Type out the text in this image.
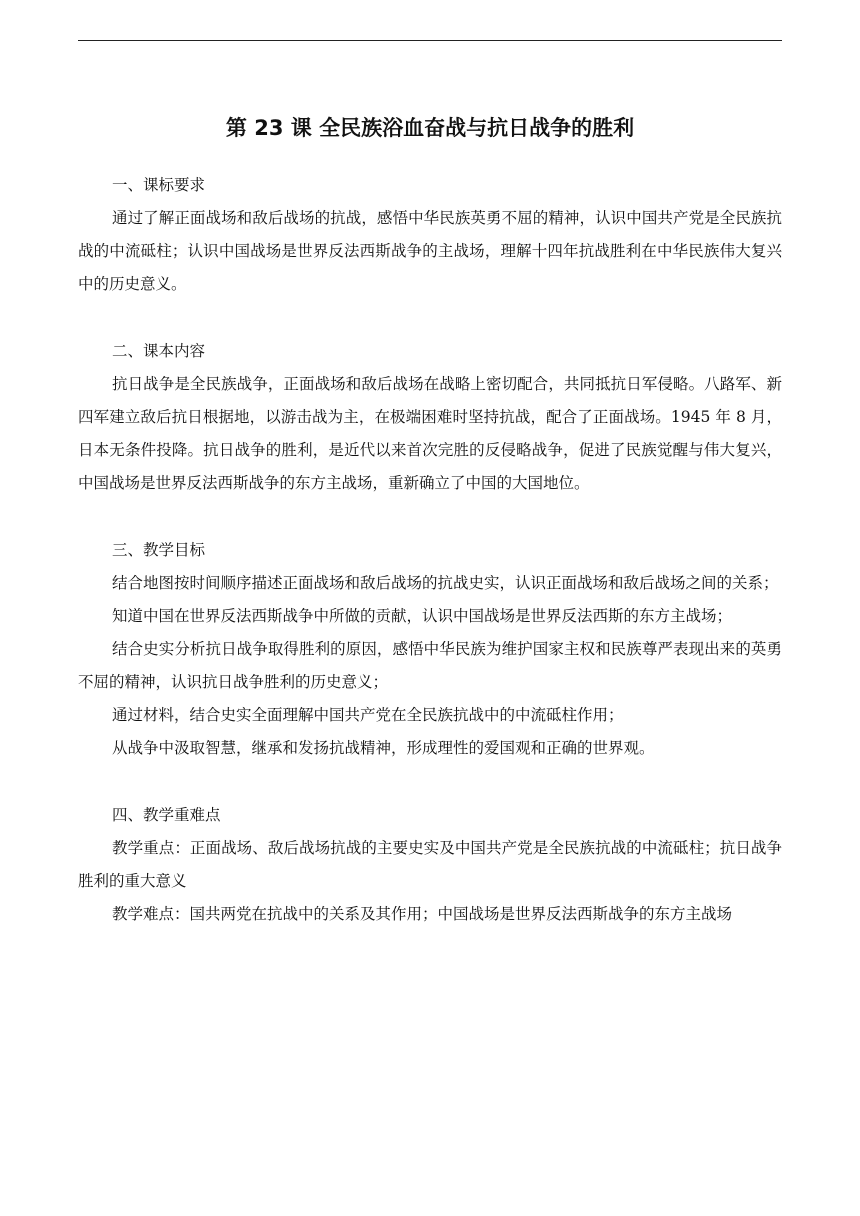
第 23 课 全民族浴血奋战与抗日战争的胜利
一、课标要求

通过了解正面战场和敌后战场的抗战，感悟中华民族英勇不屈的精神，认识中国共产党是全民族抗战的中流砥柱；认识中国战场是世界反法西斯战争的主战场，理解十四年抗战胜利在中华民族伟大复兴中的历史意义。

二、课本内容

抗日战争是全民族战争，正面战场和敌后战场在战略上密切配合，共同抵抗日军侵略。八路军、新四军建立敌后抗日根据地，以游击战为主，在极端困难时坚持抗战，配合了正面战场。1945 年 8 月，日本无条件投降。抗日战争的胜利，是近代以来首次完胜的反侵略战争，促进了民族觉醒与伟大复兴，中国战场是世界反法西斯战争的东方主战场，重新确立了中国的大国地位。

三、教学目标

结合地图按时间顺序描述正面战场和敌后战场的抗战史实，认识正面战场和敌后战场之间的关系；

知道中国在世界反法西斯战争中所做的贡献，认识中国战场是世界反法西斯的东方主战场；

结合史实分析抗日战争取得胜利的原因，感悟中华民族为维护国家主权和民族尊严表现出来的英勇不屈的精神，认识抗日战争胜利的历史意义；

通过材料，结合史实全面理解中国共产党在全民族抗战中的中流砥柱作用；

从战争中汲取智慧，继承和发扬抗战精神，形成理性的爱国观和正确的世界观。

四、教学重难点

教学重点：正面战场、敌后战场抗战的主要史实及中国共产党是全民族抗战的中流砥柱；抗日战争胜利的重大意义

教学难点：国共两党在抗战中的关系及其作用；中国战场是世界反法西斯战争的东方主战场
